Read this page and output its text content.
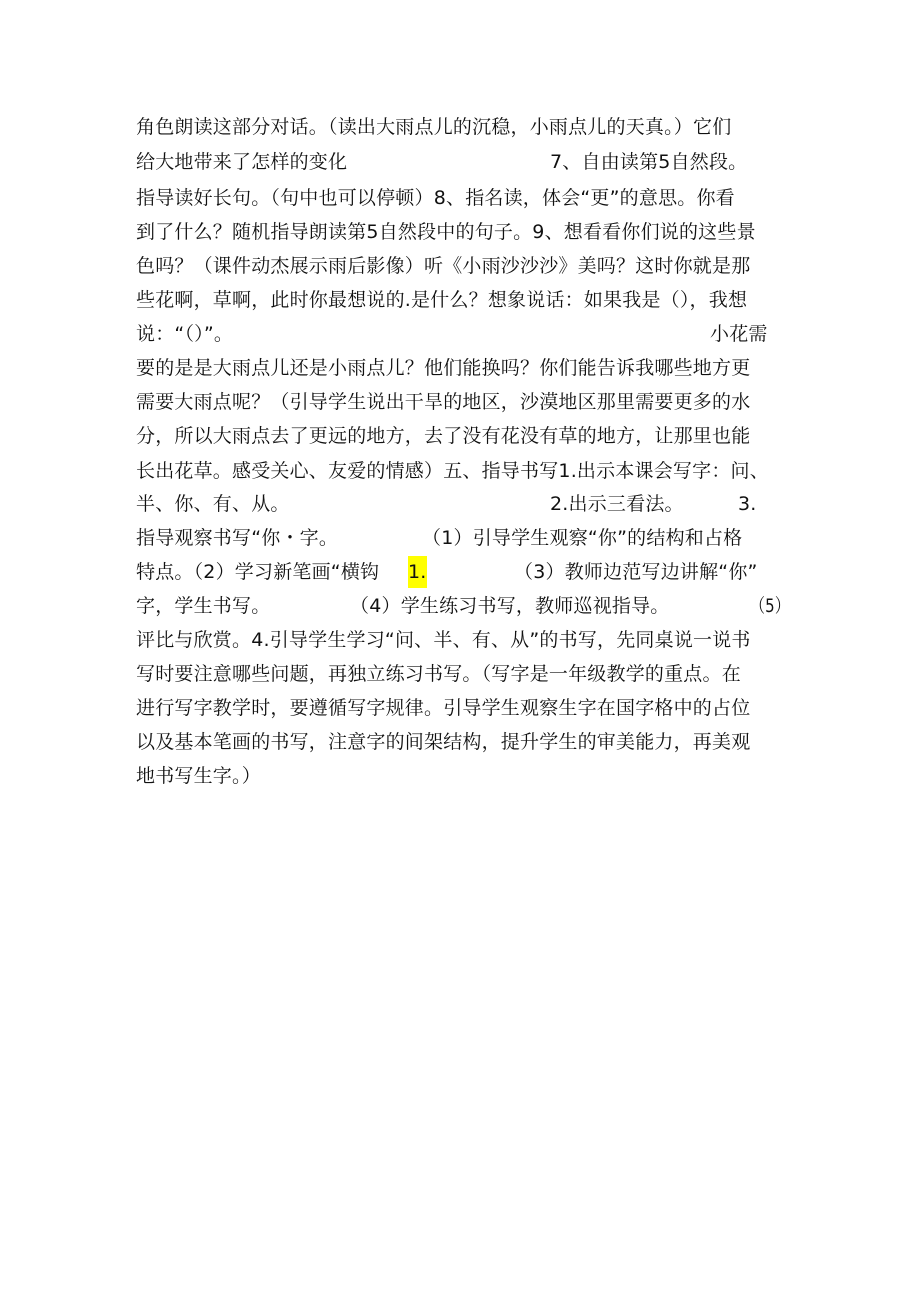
角色朗读这部分对话。（读出大雨点儿的沉稳，小雨点儿的天真。）它们
给大地带来了怎样的变化	7、自由读第5自然段。
指导读好长句。（句中也可以停顿）8、指名读，体会“更”的意思。你看
到了什么？随机指导朗读第5自然段中的句子。9、想看看你们说的这些景
色吗？（课件动杰展示雨后影像）听《小雨沙沙沙》美吗？这时你就是那
些花啊，草啊，此时你最想说的.是什么？想象说话：如果我是（），我想
说：“（）”。	小花需
要的是是大雨点儿还是小雨点儿？他们能换吗？你们能告诉我哪些地方更
需要大雨点呢？（引导学生说出干旱的地区，沙漠地区那里需要更多的水
分，所以大雨点去了更远的地方，去了没有花没有草的地方，让那里也能
长出花草。感受关心、友爱的情感）五、指导书写1.出示本课会写字：问、
半、你、有、从。	2.出示三看法。	3.
指导观察书写“你・字。	（1）引导学生观察“你”的结构和占格
特点。（2）学习新笔画“横钩 1.	（3）教师边范写边讲解“你”
字，学生书写。	（4）学生练习书写，教师巡视指导。	（5）
评比与欣赏。4.引导学生学习“问、半、有、从”的书写，先同桌说一说书
写时要注意哪些问题，再独立练习书写。（写字是一年级教学的重点。在
进行写字教学时，要遵循写字规律。引导学生观察生字在国字格中的占位
以及基本笔画的书写，注意字的间架结构，提升学生的审美能力，再美观
地书写生字。）
